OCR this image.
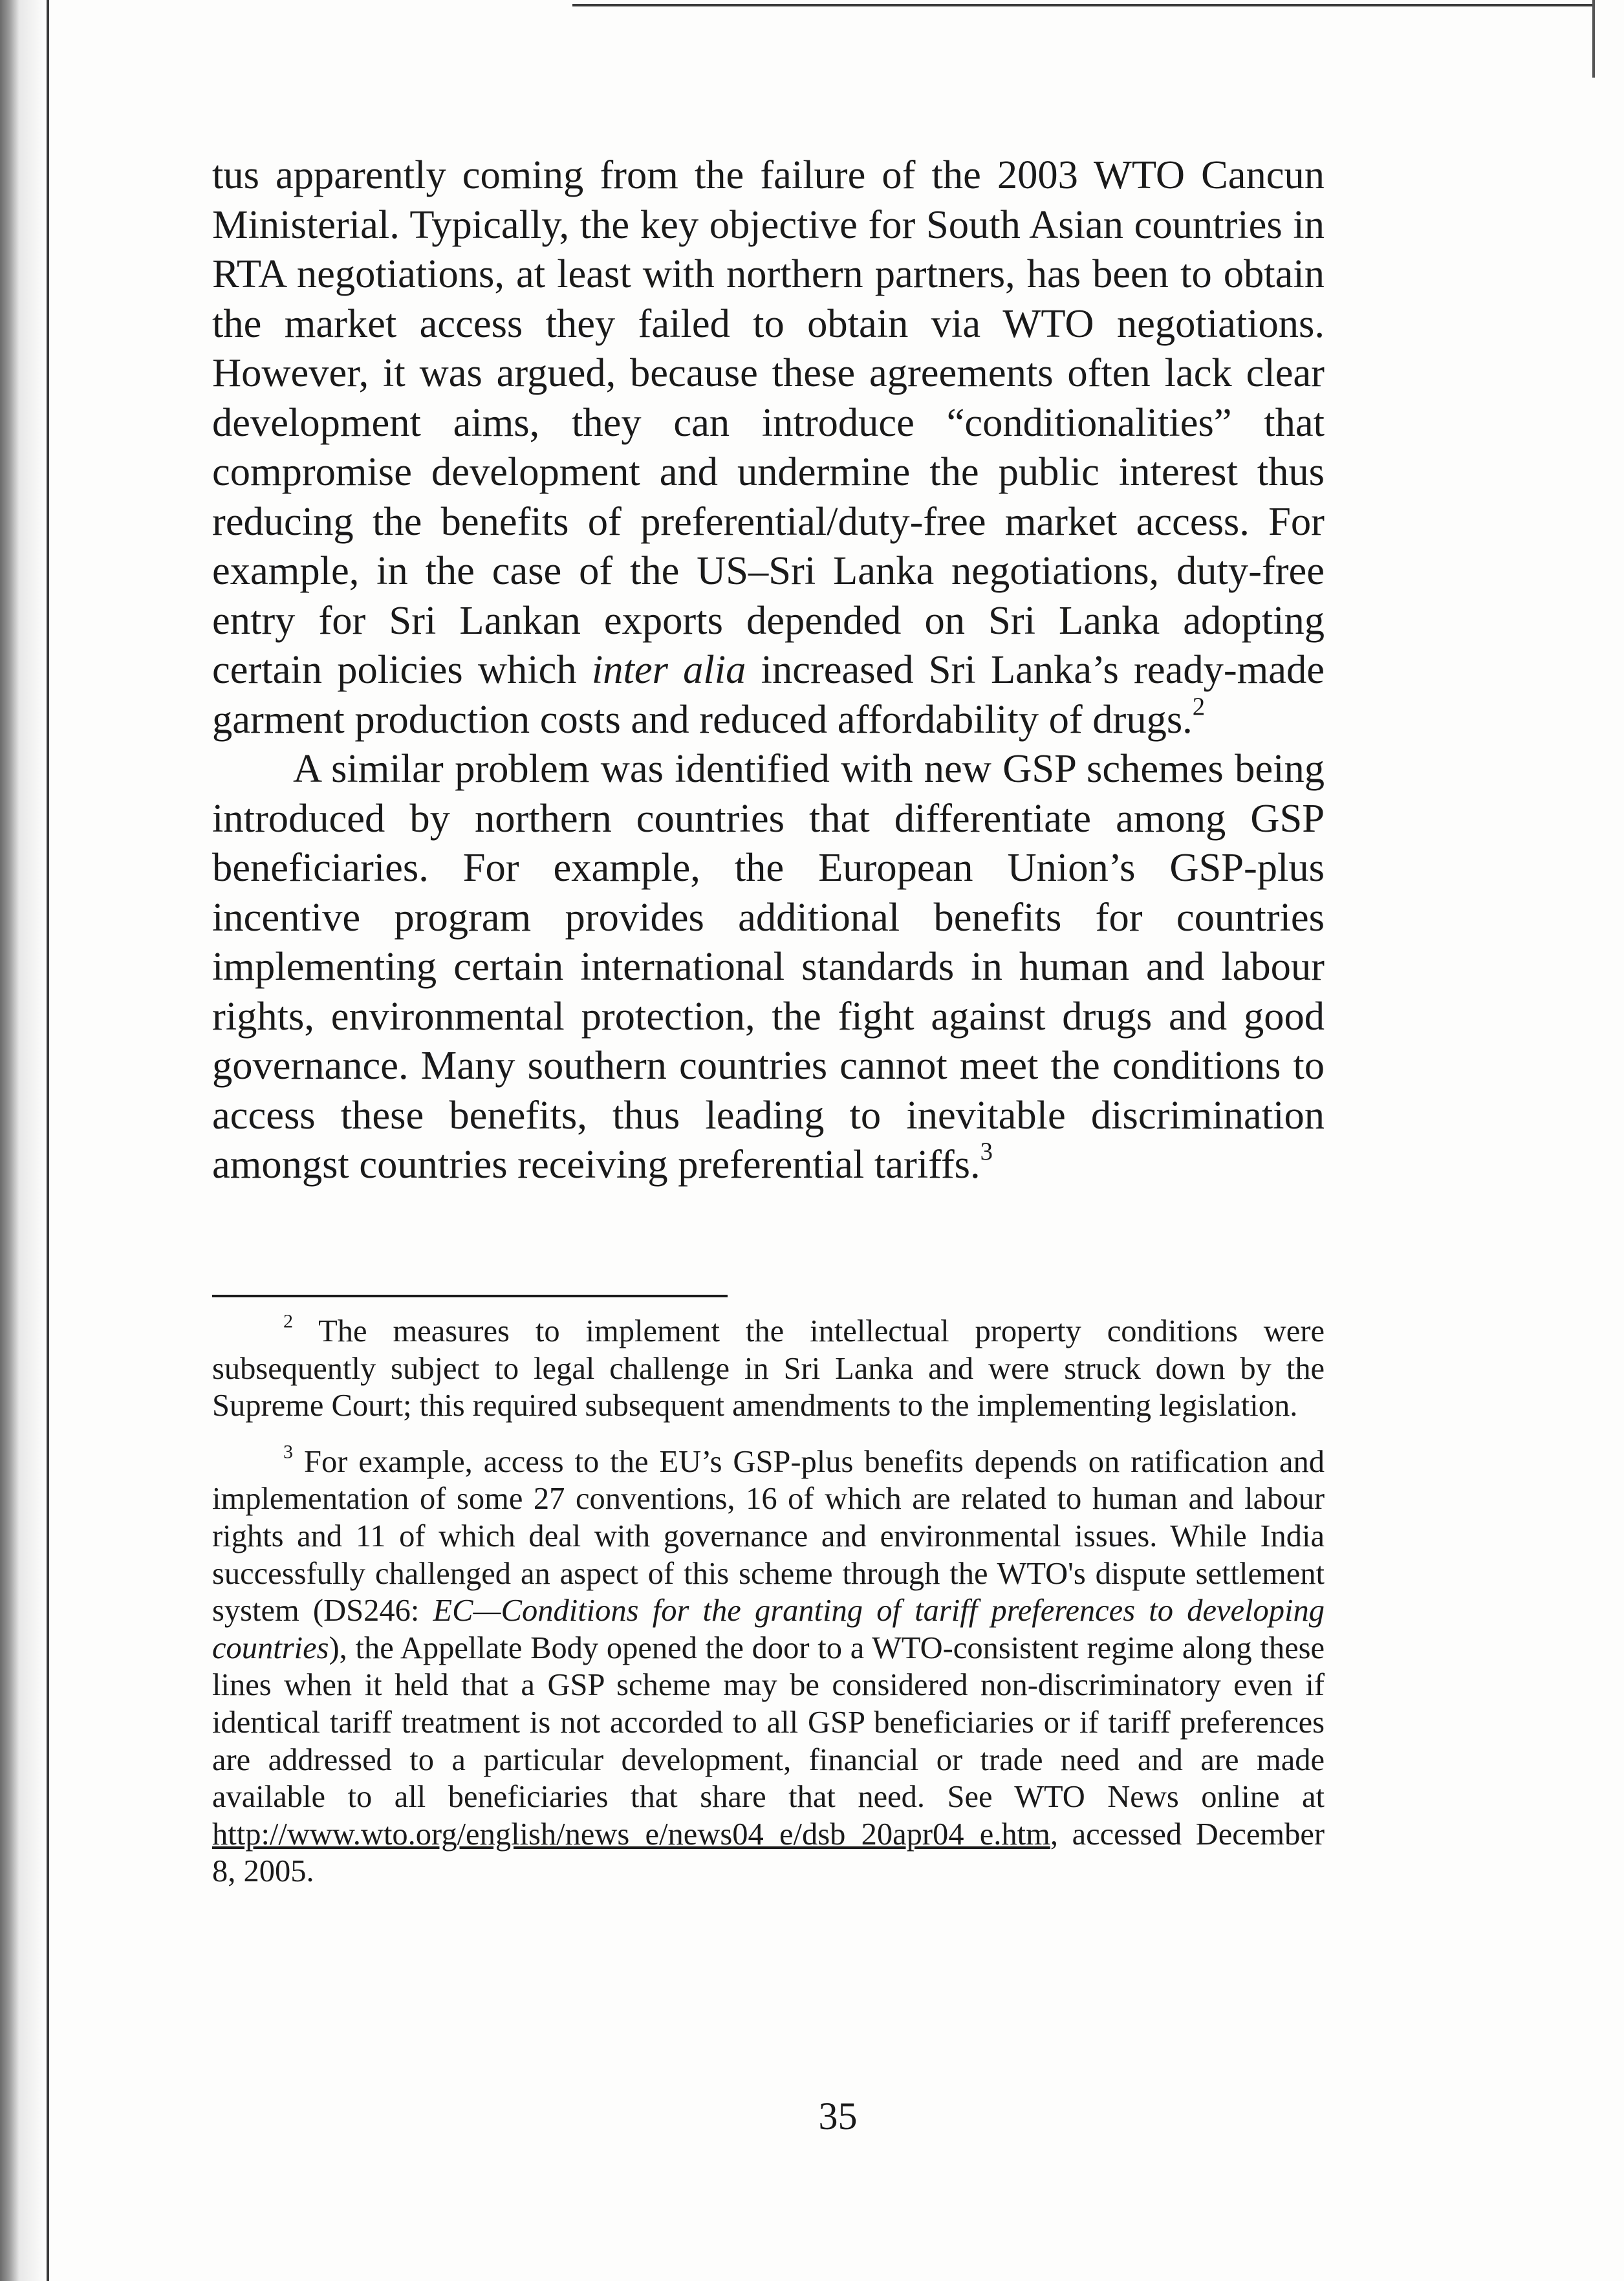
tus apparently coming from the failure of the 2003 WTO Cancun Ministerial. Typically, the key objective for South Asian countries in RTA negotiations, at least with northern partners, has been to obtain the market access they failed to obtain via WTO negotiations. However, it was argued, because these agreements often lack clear development aims, they can introduce “conditionalities” that compromise development and undermine the public interest thus reducing the benefits of preferential/duty-free market access. For example, in the case of the US–Sri Lanka negotiations, duty-free entry for Sri Lankan exports depended on Sri Lanka adopting certain policies which inter alia increased Sri Lanka’s ready-made garment production costs and reduced affordability of drugs.$^2$

A similar problem was identified with new GSP schemes being introduced by northern countries that differentiate among GSP beneficiaries. For example, the European Union’s GSP-plus incentive program provides additional benefits for countries implementing certain international standards in human and labour rights, environmental protection, the fight against drugs and good governance. Many southern countries cannot meet the conditions to access these benefits, thus leading to inevitable discrimination amongst countries receiving preferential tariffs.$^3$

$^2$ The measures to implement the intellectual property conditions were subsequently subject to legal challenge in Sri Lanka and were struck down by the Supreme Court; this required subsequent amendments to the implementing legislation.

$^3$ For example, access to the EU’s GSP-plus benefits depends on ratification and implementation of some 27 conventions, 16 of which are related to human and labour rights and 11 of which deal with governance and environmental issues. While India successfully challenged an aspect of this scheme through the WTO's dispute settlement system (DS246: EC—Conditions for the granting of tariff preferences to developing countries), the Appellate Body opened the door to a WTO-consistent regime along these lines when it held that a GSP scheme may be considered non-discriminatory even if identical tariff treatment is not accorded to all GSP beneficiaries or if tariff preferences are addressed to a particular development, financial or trade need and are made available to all beneficiaries that share that need. See WTO News online at http://www.wto.org/english/news_e/news04_e/dsb_20apr04_e.htm, accessed December 8, 2005.

35
